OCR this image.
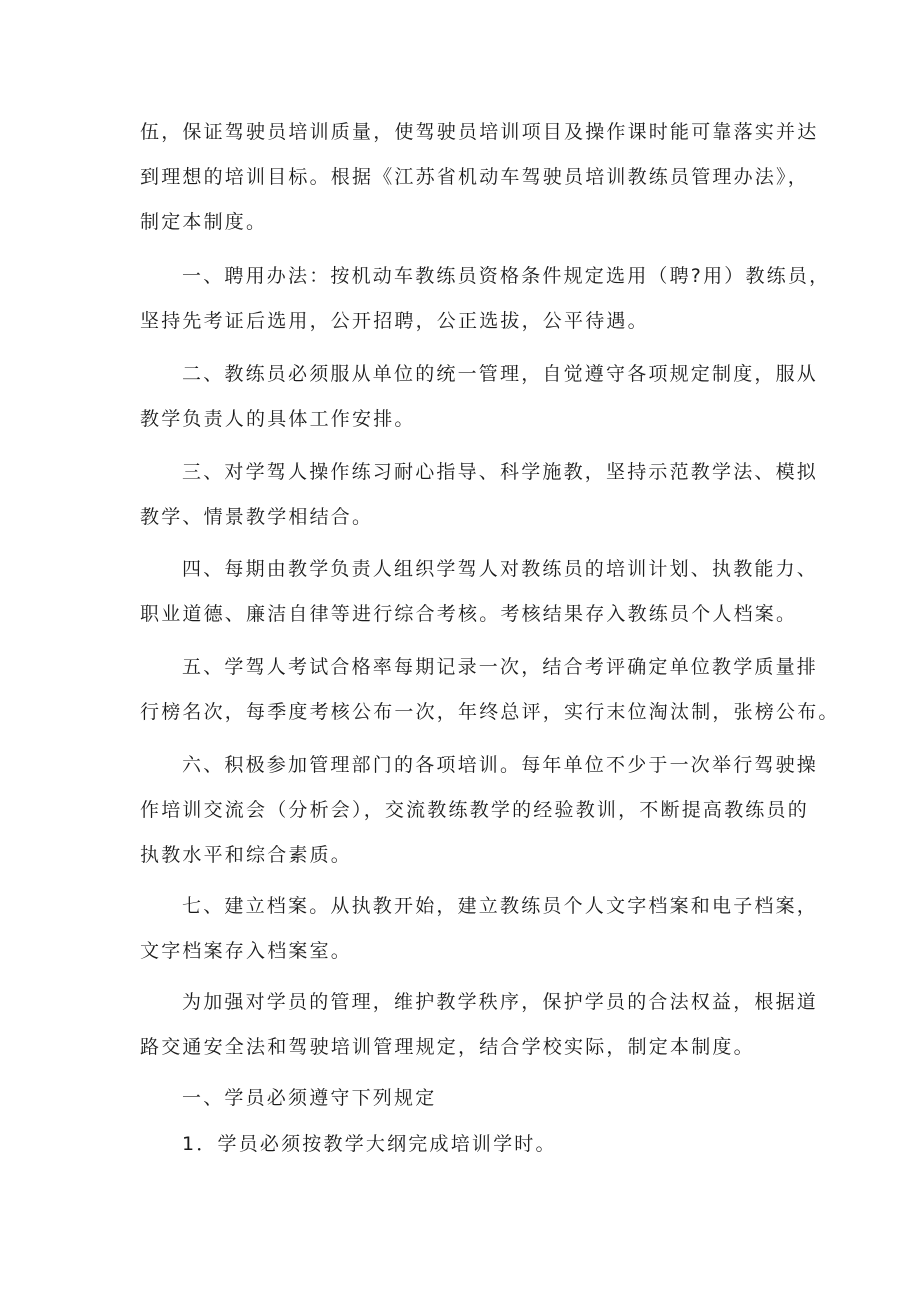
伍，保证驾驶员培训质量，使驾驶员培训项目及操作课时能可靠落实并达
到理想的培训目标。根据《江苏省机动车驾驶员培训教练员管理办法》，
制定本制度。
一、聘用办法：按机动车教练员资格条件规定选用（聘?用）教练员，
坚持先考证后选用，公开招聘，公正选拔，公平待遇。
二、教练员必须服从单位的统一管理，自觉遵守各项规定制度，服从
教学负责人的具体工作安排。
三、对学驾人操作练习耐心指导、科学施教，坚持示范教学法、模拟
教学、情景教学相结合。
四、每期由教学负责人组织学驾人对教练员的培训计划、执教能力、
职业道德、廉洁自律等进行综合考核。考核结果存入教练员个人档案。
五、学驾人考试合格率每期记录一次，结合考评确定单位教学质量排
行榜名次，每季度考核公布一次，年终总评，实行末位淘汰制，张榜公布。
六、积极参加管理部门的各项培训。每年单位不少于一次举行驾驶操
作培训交流会（分析会），交流教练教学的经验教训，不断提高教练员的
执教水平和综合素质。
七、建立档案。从执教开始，建立教练员个人文字档案和电子档案，
文字档案存入档案室。
为加强对学员的管理，维护教学秩序，保护学员的合法权益，根据道
路交通安全法和驾驶培训管理规定，结合学校实际，制定本制度。
一、学员必须遵守下列规定
1．学员必须按教学大纲完成培训学时。
